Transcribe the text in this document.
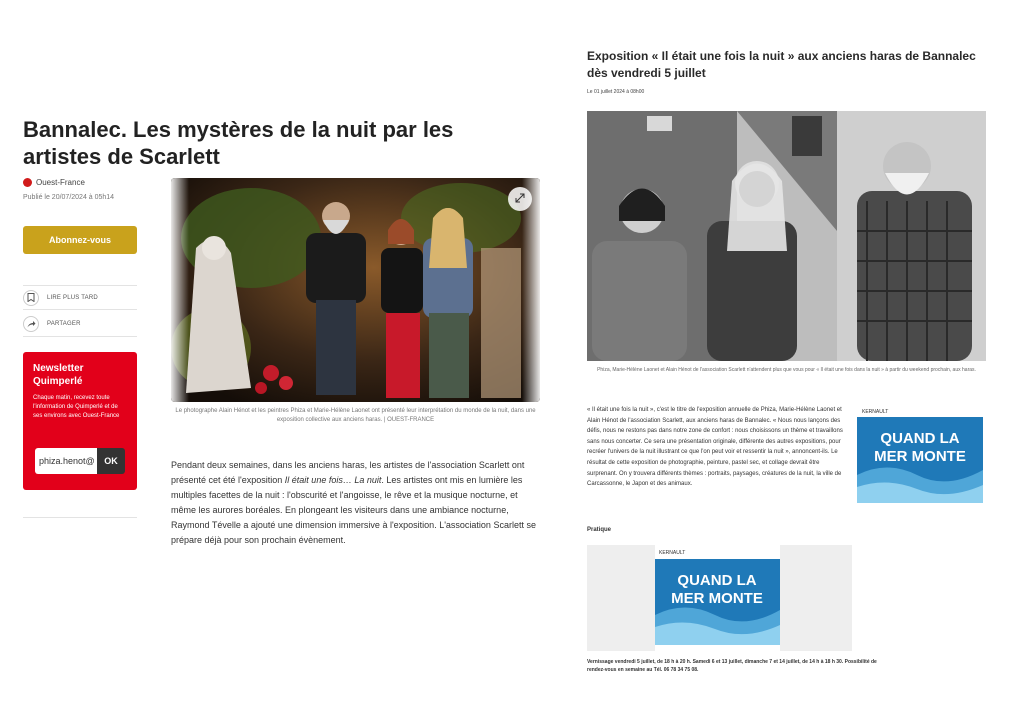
Bannalec. Les mystères de la nuit par les artistes de Scarlett
Ouest-France
Publié le 20/07/2024 à 05h14
Abonnez-vous
LIRE PLUS TARD
PARTAGER
Newsletter Quimperlé
Chaque matin, recevez toute l'information de Quimperlé et de ses environs avec Ouest-France
phiza.henot@	OK
Le photographe Alain Hénot et les peintres Phiza et Marie-Hélène Laonet ont présenté leur interprétation du monde de la nuit, dans une exposition collective aux anciens haras. | OUEST-FRANCE

Pendant deux semaines, dans les anciens haras, les artistes de l'association Scarlett ont présenté cet été l'exposition Il était une fois… La nuit. Les artistes ont mis en lumière les multiples facettes de la nuit : l'obscurité et l'angoisse, le rêve et la musique nocturne, et même les aurores boréales. En plongeant les visiteurs dans une ambiance nocturne, Raymond Tévelle a ajouté une dimension immersive à l'exposition. L'association Scarlett se prépare déjà pour son prochain évènement.

Exposition « Il était une fois la nuit » aux anciens haras de Bannalec dès vendredi 5 juillet
Le 01 juillet 2024 à 08h00
Phiza, Marie-Hélène Laonet et Alain Hénot de l'association Scarlett n'attendent plus que vous pour « Il était une fois dans la nuit » à partir du weekend prochain, aux haras.

« Il était une fois la nuit », c'est le titre de l'exposition annuelle de Phiza, Marie-Hélène Laonet et Alain Hénot de l'association Scarlett, aux anciens haras de Bannalec. « Nous nous lançons des défis, nous ne restons pas dans notre zone de confort : nous choisissons un thème et travaillons sans nous concerter. Ce sera une présentation originale, différente des autres expositions, pour recréer l'univers de la nuit illustrant ce que l'on peut voir et ressentir la nuit », annoncent-ils. Le résultat de cette exposition de photographie, peinture, pastel sec, et collage devrait être surprenant. On y trouvera différents thèmes : portraits, paysages, créatures de la nuit, la ville de Carcassonne, le Japon et des animaux.

KERNAULT
QUAND LA
MER MONTE
Pratique
KERNAULT
QUAND LA
MER MONTE
Vernissage vendredi 5 juillet, de 18 h à 20 h. Samedi 6 et 13 juillet, dimanche 7 et 14 juillet, de 14 h à 18 h 30. Possibilité de rendez-vous en semaine au Tél. 06 78 34 75 08.
